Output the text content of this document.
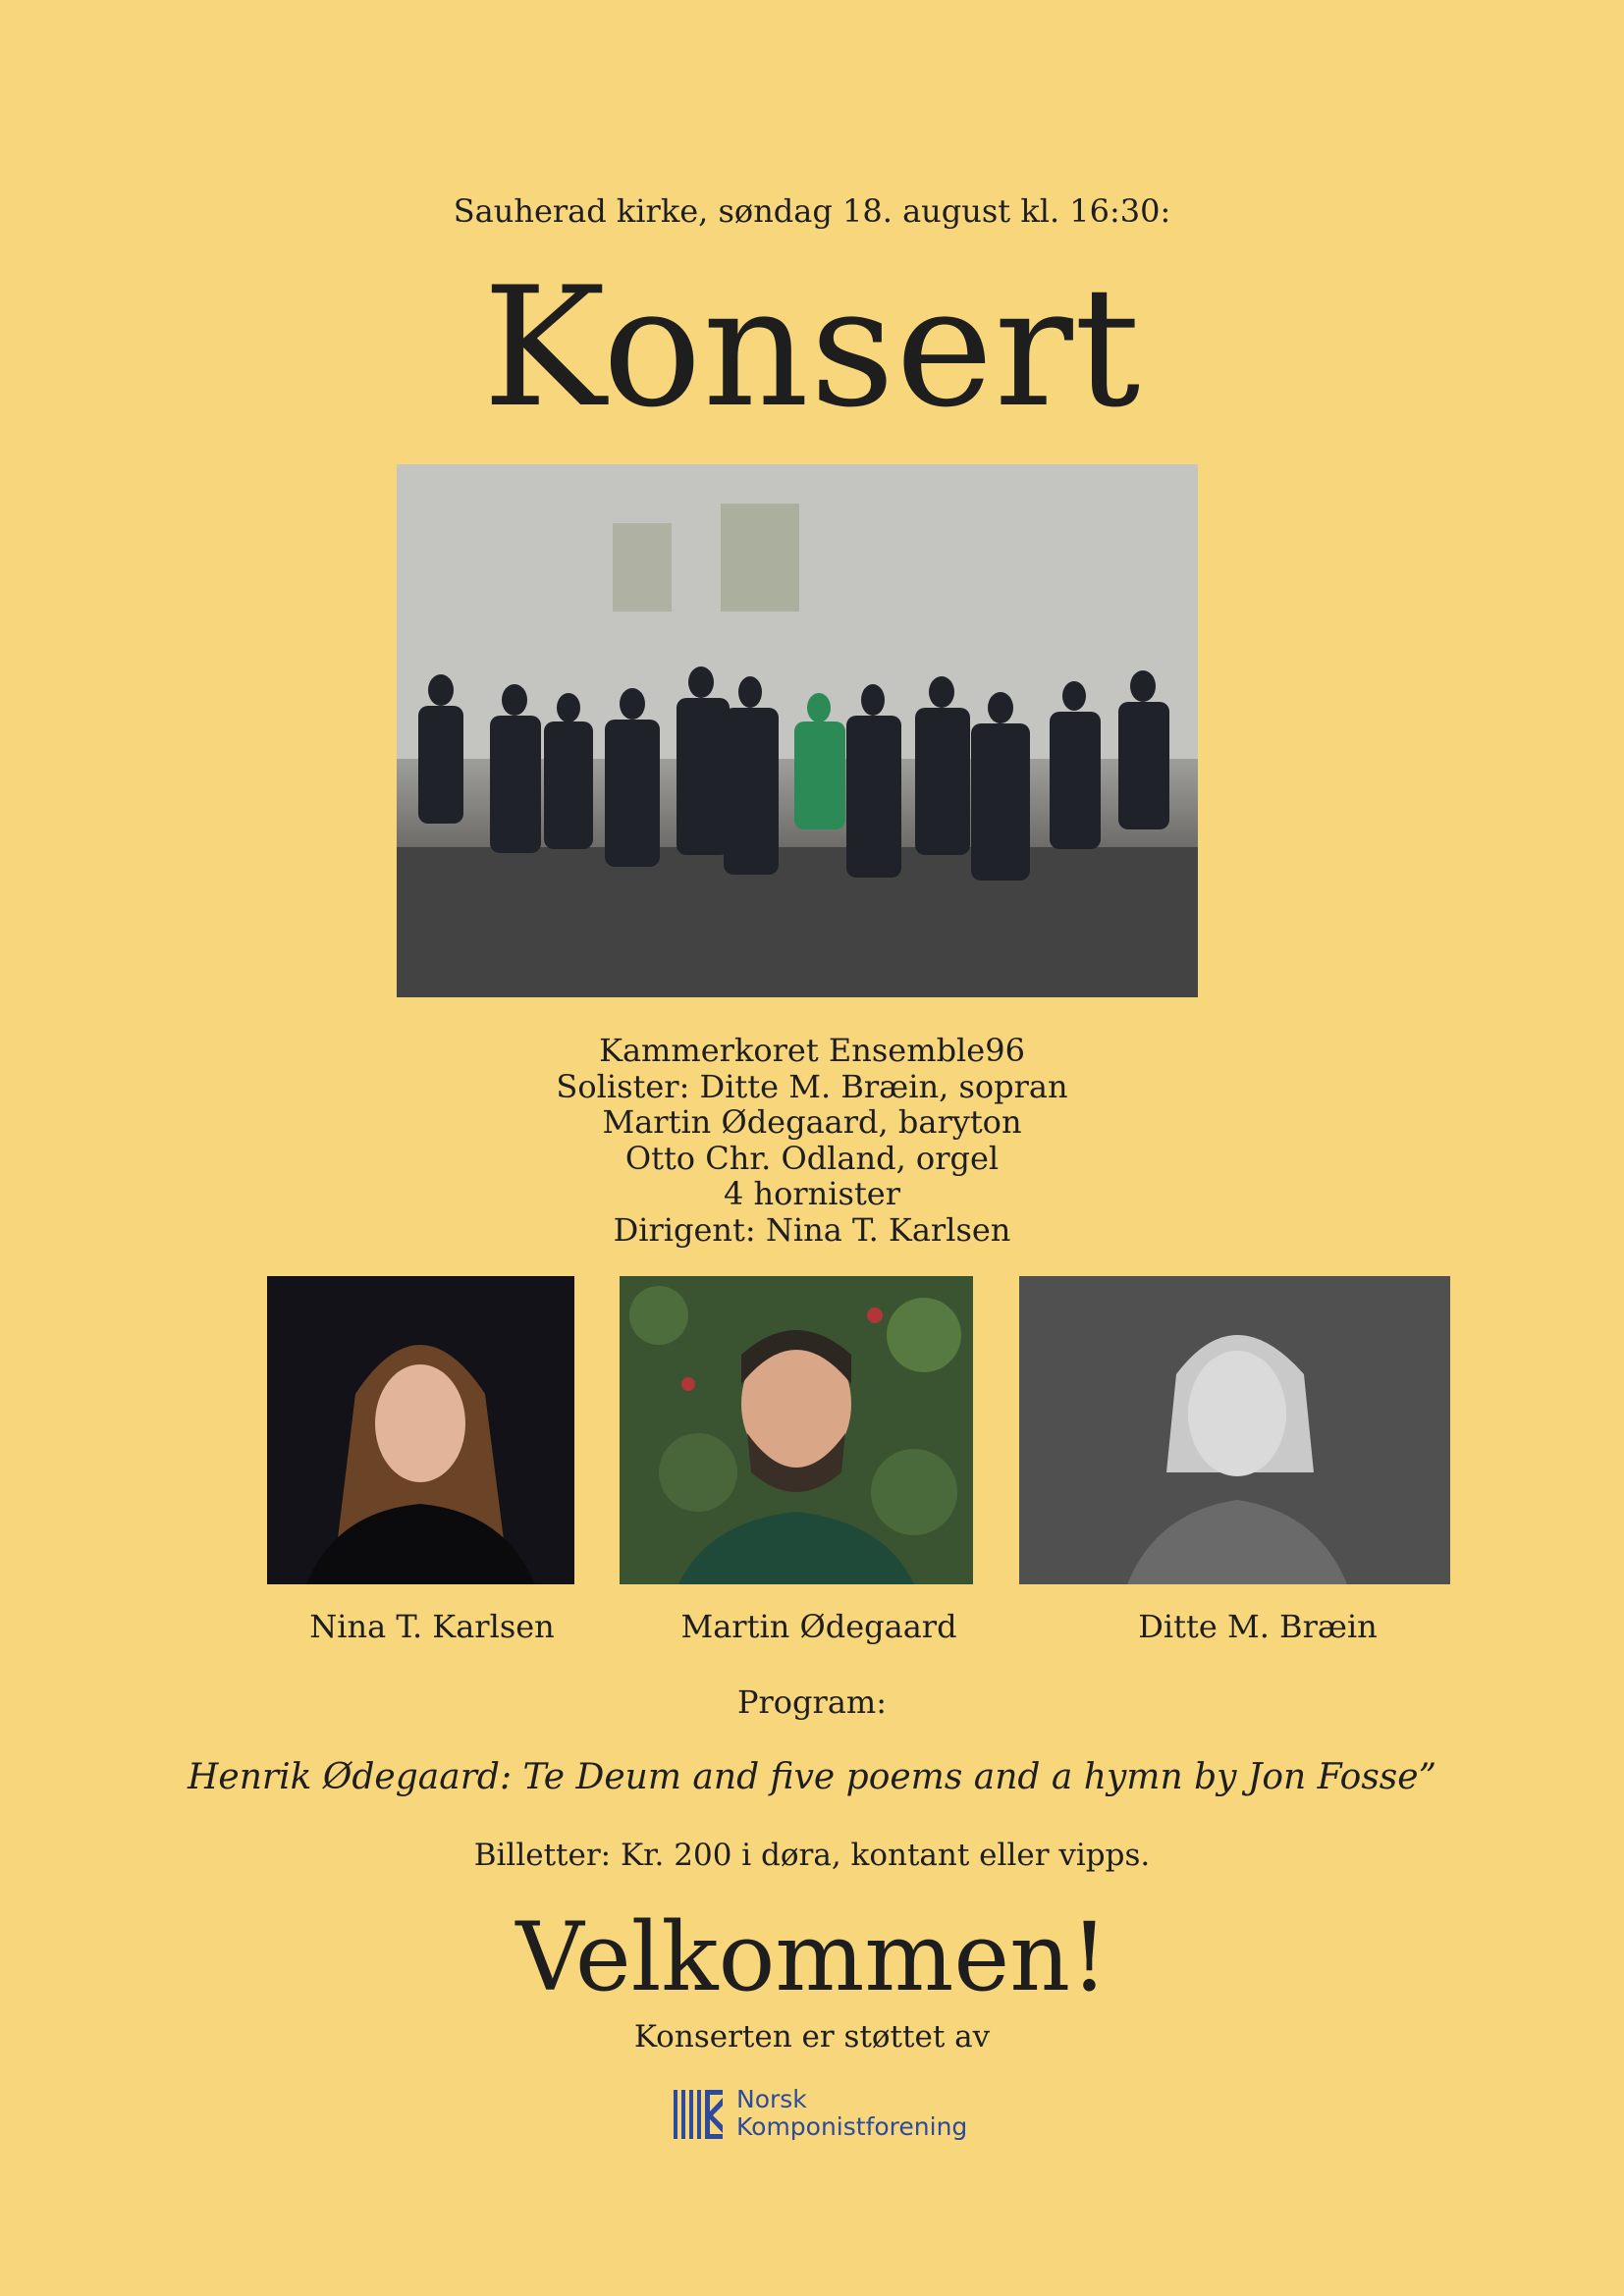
Sauherad kirke, søndag 18. august kl. 16:30:
Konsert
Kammerkoret Ensemble96
Solister: Ditte M. Bræin, sopran
Martin Ødegaard, baryton
Otto Chr. Odland, orgel
4 hornister
Dirigent: Nina T. Karlsen
Nina T. Karlsen	Martin Ødegaard	Ditte M. Bræin
Program:
Henrik Ødegaard: Te Deum and five poems and a hymn by Jon Fosse”
Billetter: Kr. 200 i døra, kontant eller vipps.
Velkommen!
Konserten er støttet av
Norsk
Komponistforening
